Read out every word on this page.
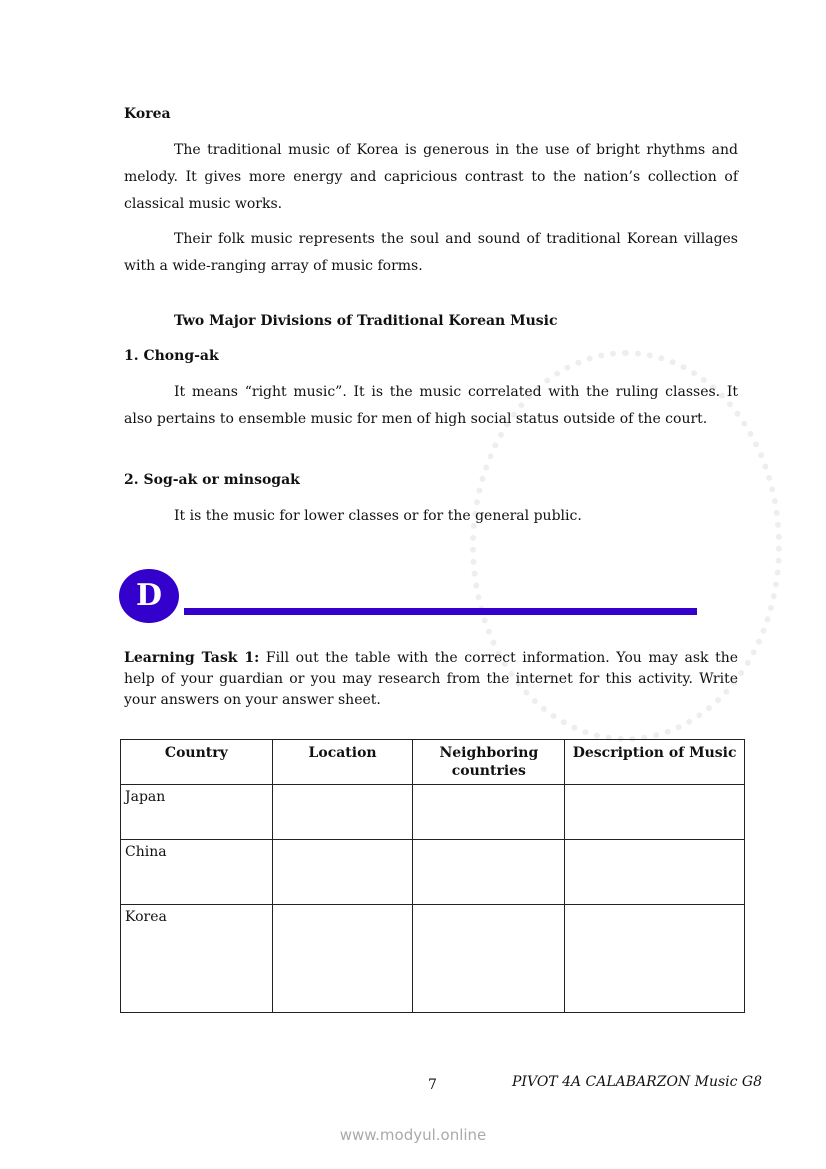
Korea

The traditional music of Korea is generous in the use of bright rhythms and melody. It gives more energy and capricious contrast to the nation’s collection of classical music works.

Their folk music represents the soul and sound of traditional Korean villages with a wide-ranging array of music forms.

Two Major Divisions of Traditional Korean Music

1. Chong-ak

It means “right music”. It is the music correlated with the ruling classes. It also pertains to ensemble music for men of high social status outside of the court.

2. Sog-ak or minsogak

It is the music for lower classes or for the general public.

D

Learning Task 1: Fill out the table with the correct information. You may ask the help of your guardian or you may research from the internet for this activity. Write your answers on your answer sheet.

Country	Location	Neighboring countries	Description of Music
Japan			
China			
Korea			
7	PIVOT 4A CALABARZON Music G8
www.modyul.online
